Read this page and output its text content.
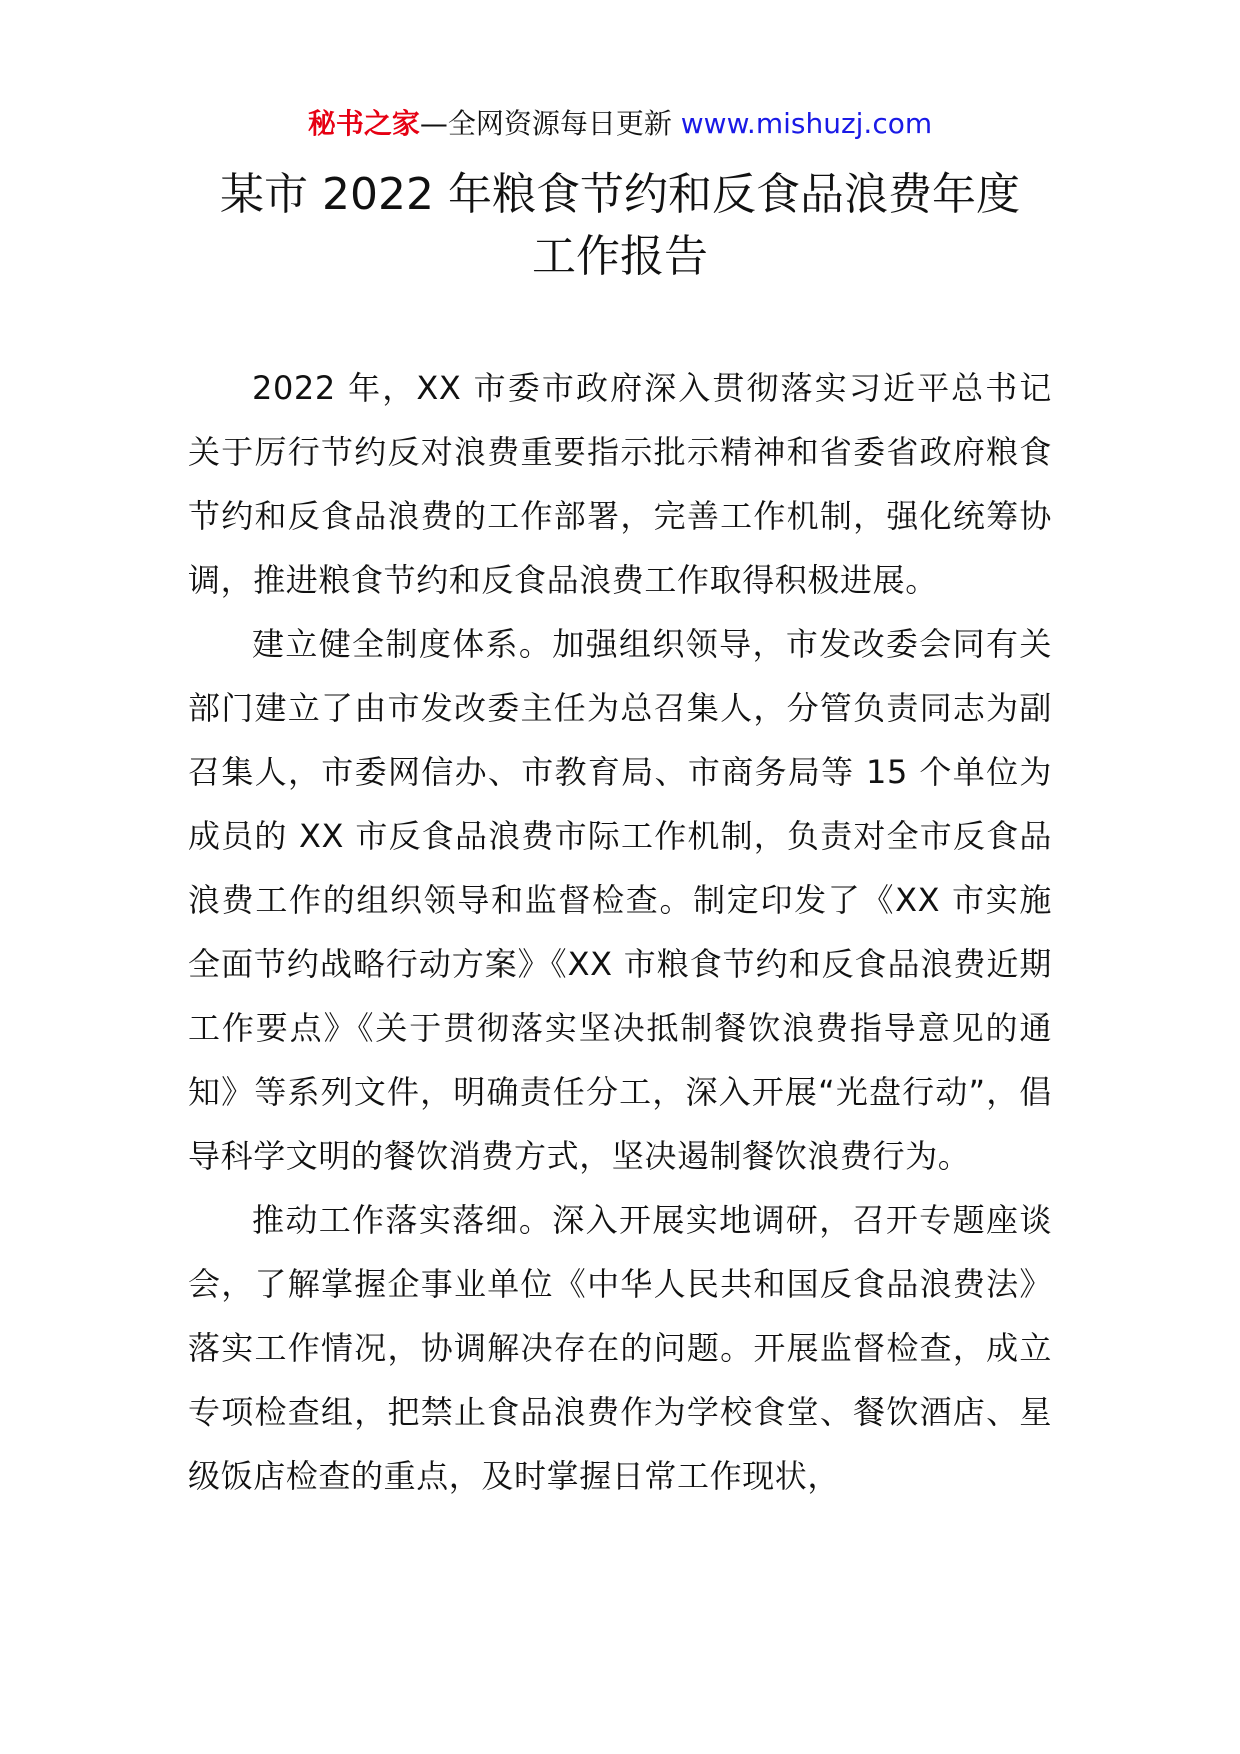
秘书之家—全网资源每日更新 www.mishuzj.com
某市 2022 年粮食节约和反食品浪费年度
工作报告

2022 年，XX 市委市政府深入贯彻落实习近平总书记关于厉行节约反对浪费重要指示批示精神和省委省政府粮食节约和反食品浪费的工作部署，完善工作机制，强化统筹协调，推进粮食节约和反食品浪费工作取得积极进展。

建立健全制度体系。加强组织领导，市发改委会同有关部门建立了由市发改委主任为总召集人，分管负责同志为副召集人，市委网信办、市教育局、市商务局等 15 个单位为成员的 XX 市反食品浪费市际工作机制，负责对全市反食品浪费工作的组织领导和监督检查。制定印发了《XX 市实施全面节约战略行动方案》《XX 市粮食节约和反食品浪费近期工作要点》《关于贯彻落实坚决抵制餐饮浪费指导意见的通知》等系列文件，明确责任分工，深入开展“光盘行动”，倡导科学文明的餐饮消费方式，坚决遏制餐饮浪费行为。

推动工作落实落细。深入开展实地调研，召开专题座谈会，了解掌握企事业单位《中华人民共和国反食品浪费法》落实工作情况，协调解决存在的问题。开展监督检查，成立专项检查组，把禁止食品浪费作为学校食堂、餐饮酒店、星级饭店检查的重点，及时掌握日常工作现状，
